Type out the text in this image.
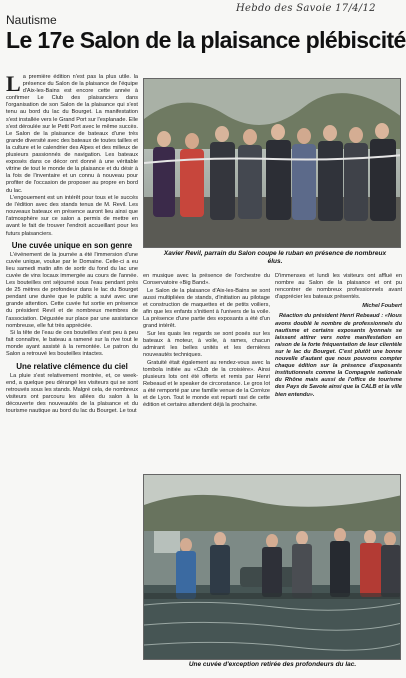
Hebdo des Savoie 17/4/12
Nautisme
Le 17e Salon de la plaisance plébiscité

La première édition n'est pas la plus utile. la présence du Salon de la plaisance de l'équipe d'Aix-les-Bains est encore cette année à confirmer Le Club des plaisanciers dans l'organisation de son Salon de la plaisance qui s'est tenu au bord du lac du Bourget. La manifestation s'est installée vers le Grand Port sur l'esplanade. Elle s'est déroulée sur le Petit Port avec le même succès. Le Salon de la plaisance de bateaux d'une très grande diversité avec des bateaux de toutes tailles et la culture et le calendrier des Alpes et des milieux de plusieurs passionnés de navigation. Les bateaux exposés dans ce décor ont donné à une véritable vitrine de tout le monde de la plaisance et du désir à la fois de l'inventaire et un connu à nouveau pour profiter de l'occasion de proposer au propre en bord du lac.

L'engouement est un intérêt pour tous et le succès de l'édition avec des stands tenus de M. Revil. Les nouveaux bateaux en présence auront lieu ainsi que l'atmosphère sur ce salon a permis de mettre en avant le fait de trouver l'endroit accueillant pour les futurs plaisanciers.

Une cuvée unique en son genre

L'événement de la journée a été l'immersion d'une cuvée unique, voulue par le Domaine. Celle-ci a eu lieu samedi matin afin de sortir du fond du lac une cuvée de vins locaux immergée au cours de l'année. Les bouteilles ont séjourné sous l'eau pendant près de 25 mètres de profondeur dans le lac du Bourget pendant une durée que le public a suivi avec une grande attention. Cette cuvée fut sortie en présence du président Revil et de nombreux membres de l'association. Dégustée sur place par une assistance nombreuse, elle fut très appréciée.

Si la tête de l'eau de ces bouteilles s'est peu à peu fait connaître, le bateau a ramené sur la rive tout le monde ayant assisté à la remontée. Le patron du Salon a retrouvé les bouteilles intactes.

Une relative clémence du ciel

La pluie s'est relativement montrée, et, ce week-end, a quelque peu dérangé les visiteurs qui se sont retrouvés sous les stands. Malgré cela, de nombreux visiteurs ont parcouru les allées du salon à la découverte des nouveautés de la plaisance et du tourisme nautique au bord du lac du Bourget. Le tout

Xavier Revil, parrain du Salon coupe le ruban en présence de nombreux élus.

en musique avec la présence de l'orchestre du Conservatoire «Big Band».

Le Salon de la plaisance d'Aix-les-Bains se sont aussi multipliées de stands, d'initiation au pilotage et construction de maquettes et de petits voiliers, afin que les enfants s'initient à l'univers de la voile. La présence d'une partie des exposants a été d'un grand intérêt.

Sur les quais les regards se sont posés sur les bateaux à moteur, à voile, à rames, chacun admirant les belles unités et les dernières nouveautés techniques.

Gratuité était également au rendez-vous avec la tombola initiée au «Club de la croisière». Ainsi plusieurs lots ont été offerts et remis par Henri Rebeaud et le speaker de circonstance. Le gros lot a été remporté par une famille venue de la Corrèze et de Lyon. Tout le monde est reparti ravi de cette édition et certains attendent déjà la prochaine.

D'immenses et lundi les visiteurs ont afflué en nombre au Salon de la plaisance et ont pu rencontrer de nombreux professionnels avant d'apprécier les bateaux présentés.

Michel Foubert

Réaction du président Henri Rebeaud : «Nous avons doublé le nombre de professionnels du nautisme et certains exposants lyonnais se laissent attirer vers notre manifestation en raison de la forte fréquentation de leur clientèle sur le lac du Bourget. C'est plutôt une bonne nouvelle d'autant que nous pouvons compter chaque édition sur la présence d'exposants institutionnels comme la Compagnie nationale du Rhône mais aussi de l'office de tourisme des Pays de Savoie ainsi que la CALB et la ville bien entendu».

Une cuvée d'exception retirée des profondeurs du lac.
